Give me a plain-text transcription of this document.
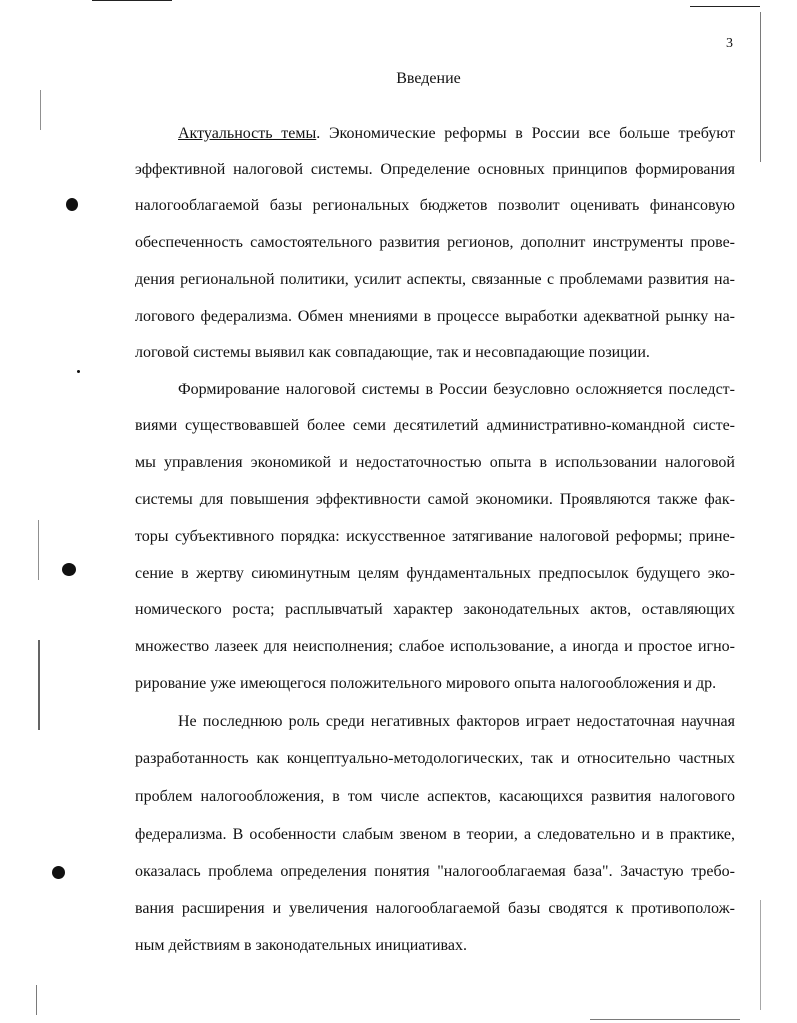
3
Введение
Актуальность темы. Экономические реформы в России все больше требуют
эффективной налоговой системы. Определение основных принципов формирования
налогооблагаемой базы региональных бюджетов позволит оценивать финансовую
обеспеченность самостоятельного развития регионов, дополнит инструменты прове-
дения региональной политики, усилит аспекты, связанные с проблемами развития на-
логового федерализма. Обмен мнениями в процессе выработки адекватной рынку на-
логовой системы выявил как совпадающие, так и несовпадающие позиции.
Формирование налоговой системы в России безусловно осложняется последст-
виями существовавшей более семи десятилетий административно-командной систе-
мы управления экономикой и недостаточностью опыта в использовании налоговой
системы для повышения эффективности самой экономики. Проявляются также фак-
торы субъективного порядка: искусственное затягивание налоговой реформы; прине-
сение в жертву сиюминутным целям фундаментальных предпосылок будущего эко-
номического роста; расплывчатый характер законодательных актов, оставляющих
множество лазеек для неисполнения; слабое использование, а иногда и простое игно-
рирование уже имеющегося положительного мирового опыта налогообложения и др.
Не последнюю роль среди негативных факторов играет недостаточная научная
разработанность как концептуально-методологических, так и относительно частных
проблем налогообложения, в том числе аспектов, касающихся развития налогового
федерализма. В особенности слабым звеном в теории, а следовательно и в практике,
оказалась проблема определения понятия "налогооблагаемая база". Зачастую требо-
вания расширения и увеличения налогооблагаемой базы сводятся к противополож-
ным действиям в законодательных инициативах.
